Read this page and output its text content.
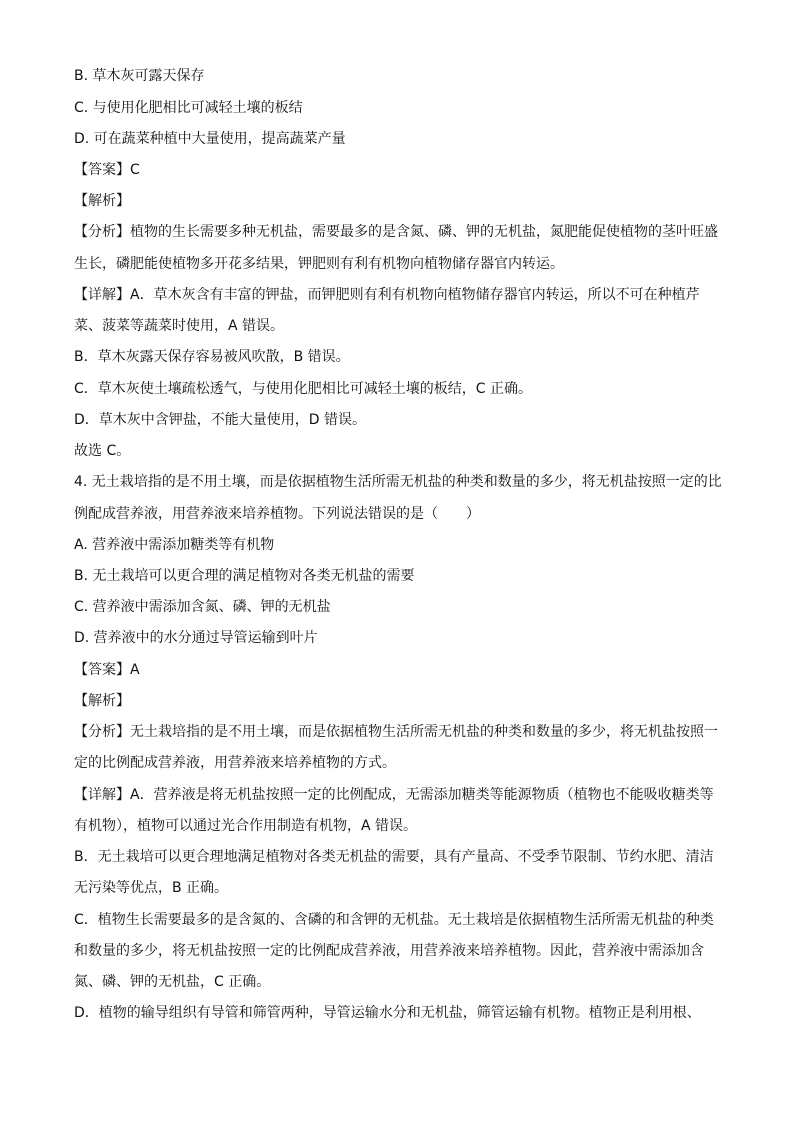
B. 草木灰可露天保存
C. 与使用化肥相比可减轻土壤的板结
D. 可在蔬菜种植中大量使用，提高蔬菜产量
【答案】C
【解析】
【分析】植物的生长需要多种无机盐，需要最多的是含氮、磷、钾的无机盐，氮肥能促使植物的茎叶旺盛
生长，磷肥能使植物多开花多结果，钾肥则有利有机物向植物储存器官内转运。
【详解】A．草木灰含有丰富的钾盐，而钾肥则有利有机物向植物储存器官内转运，所以不可在种植芹
菜、菠菜等蔬菜时使用，A 错误。
B．草木灰露天保存容易被风吹散，B 错误。
C．草木灰使土壤疏松透气，与使用化肥相比可减轻土壤的板结，C 正确。
D．草木灰中含钾盐，不能大量使用，D 错误。
故选 C。
4. 无土栽培指的是不用土壤，而是依据植物生活所需无机盐的种类和数量的多少，将无机盐按照一定的比
例配成营养液，用营养液来培养植物。下列说法错误的是（　　）
A. 营养液中需添加糖类等有机物
B. 无土栽培可以更合理的满足植物对各类无机盐的需要
C. 营养液中需添加含氮、磷、钾的无机盐
D. 营养液中的水分通过导管运输到叶片
【答案】A
【解析】
【分析】无土栽培指的是不用土壤，而是依据植物生活所需无机盐的种类和数量的多少，将无机盐按照一
定的比例配成营养液，用营养液来培养植物的方式。
【详解】A．营养液是将无机盐按照一定的比例配成，无需添加糖类等能源物质（植物也不能吸收糖类等
有机物），植物可以通过光合作用制造有机物，A 错误。
B．无土栽培可以更合理地满足植物对各类无机盐的需要，具有产量高、不受季节限制、节约水肥、清洁
无污染等优点，B 正确。
C．植物生长需要最多的是含氮的、含磷的和含钾的无机盐。无土栽培是依据植物生活所需无机盐的种类
和数量的多少，将无机盐按照一定的比例配成营养液，用营养液来培养植物。因此，营养液中需添加含
氮、磷、钾的无机盐，C 正确。
D．植物的输导组织有导管和筛管两种，导管运输水分和无机盐，筛管运输有机物。植物正是利用根、
